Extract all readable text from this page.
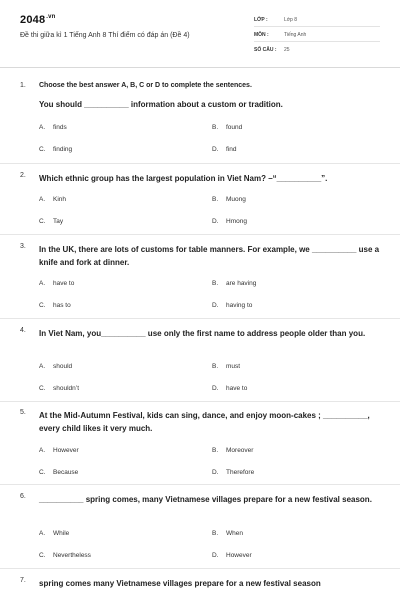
$2048^{.vn}$
Đề thi giữa kì 1 Tiếng Anh 8 Thí điểm có đáp án (Đề 4)
LỚP :	Lớp 8
MÔN :	Tiếng Anh
SỐ CÂU : 25
1. Choose the best answer A, B, C or D to complete the sentences.
You should __________ information about a custom or tradition.
A. finds	B. found
C. finding	D. find
2. Which ethnic group has the largest population in Viet Nam? –“__________”.
A. Kinh	B. Muong
C. Tay	D. Hmong
3. In the UK, there are lots of customs for table manners. For example, we __________ use a knife and fork at dinner.
A. have to	B. are having
C. has to	D. having to
4. In Viet Nam, you__________ use only the first name to address people older than you.
A. should	B. must
C. shouldn’t	D. have to
5. At the Mid-Autumn Festival, kids can sing, dance, and enjoy moon-cakes ; __________, every child likes it very much.
A. However	B. Moreover
C. Because	D. Therefore
6. __________ spring comes, many Vietnamese villages prepare for a new festival season.
A. While	B. When
C. Nevertheless	D. However
7. spring comes many Vietnamese villages prepare for a new festival season
